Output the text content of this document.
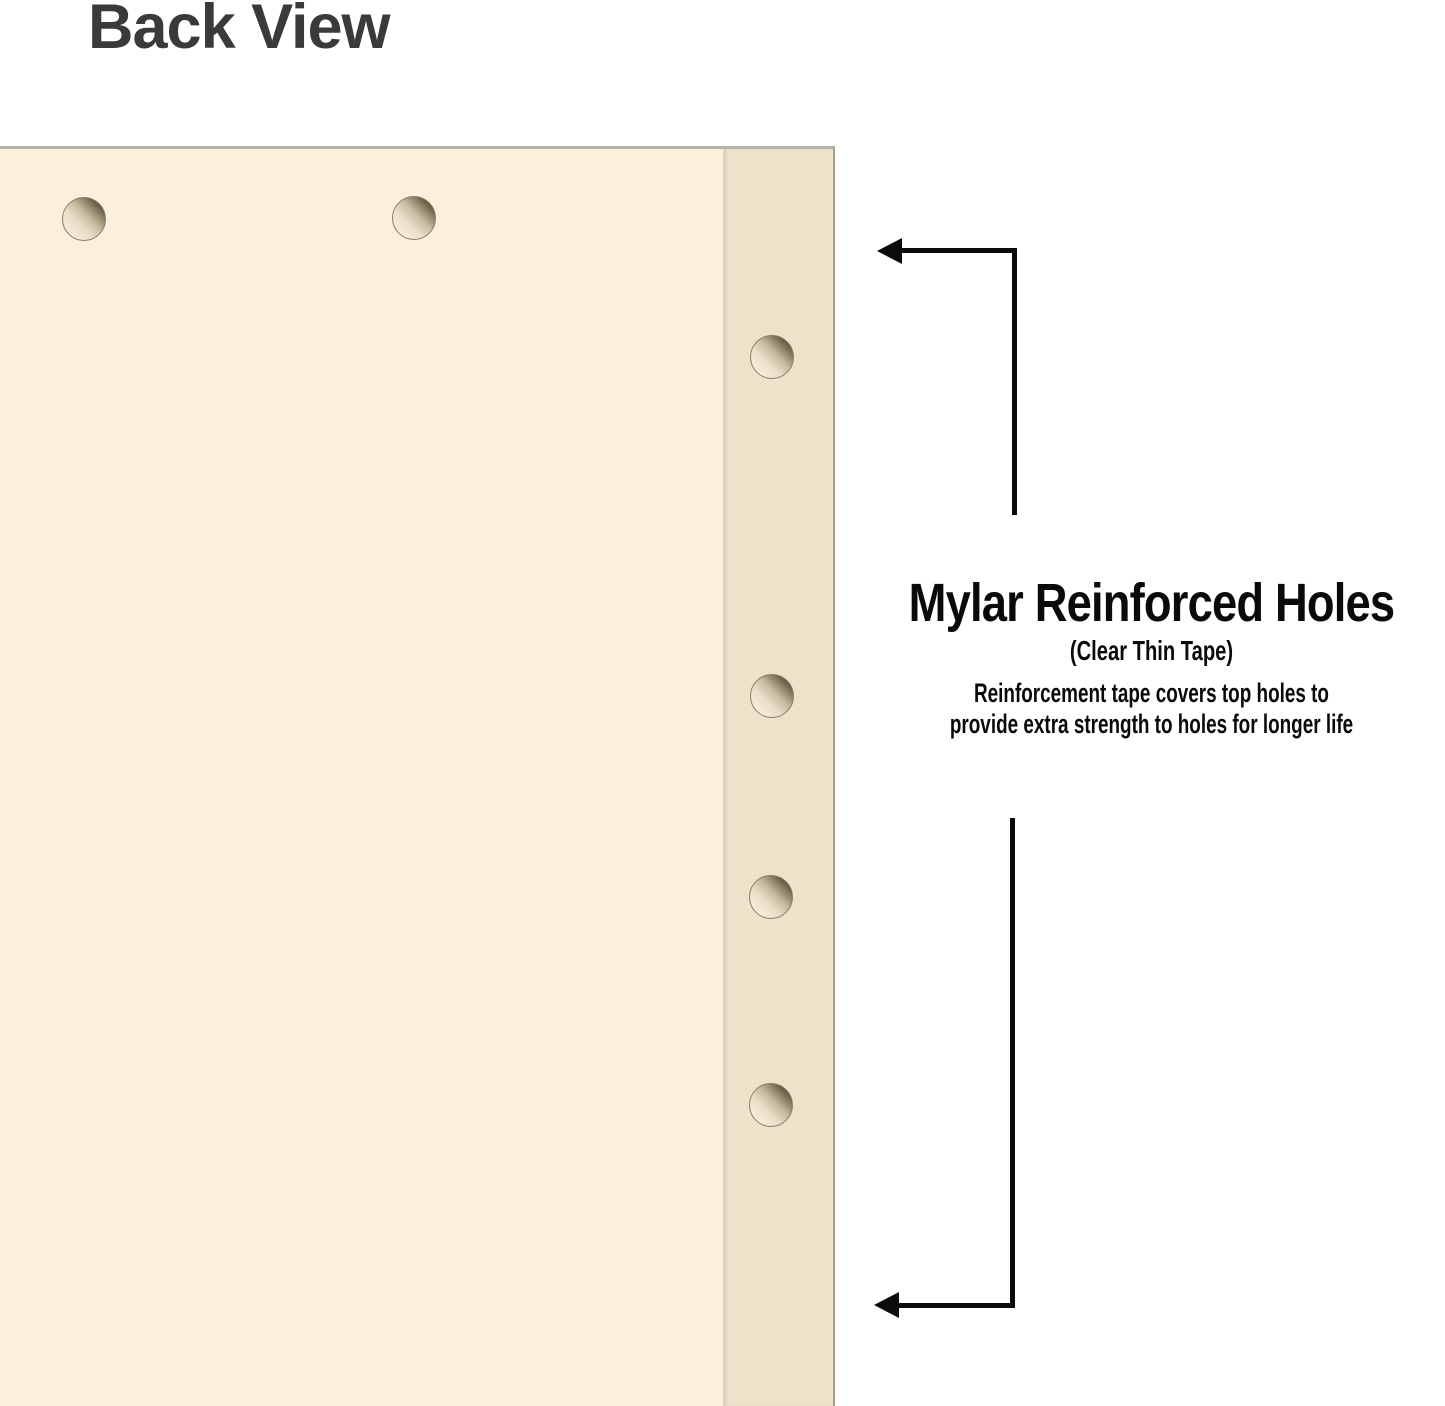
Back View
Mylar Reinforced Holes
(Clear Thin Tape)
Reinforcement tape covers top holes to
provide extra strength to holes for longer life
